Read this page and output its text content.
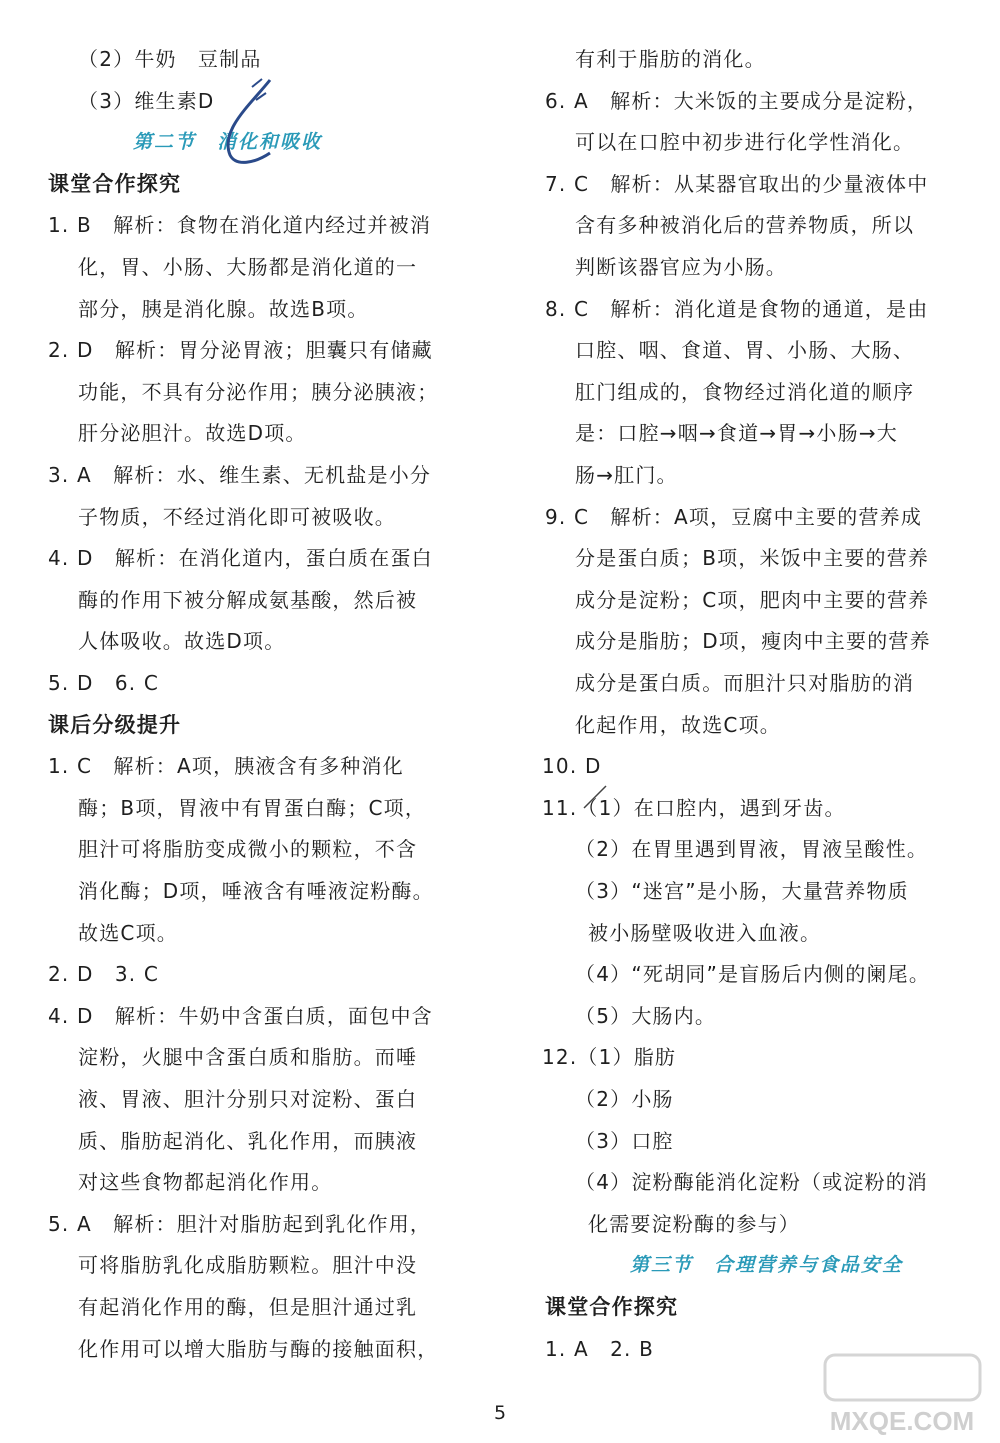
（2）牛奶　豆制品
（3）维生素D
第二节　消化和吸收
课堂合作探究
1. B　解析：食物在消化道内经过并被消
化，胃、小肠、大肠都是消化道的一
部分，胰是消化腺。故选B项。
2. D　解析：胃分泌胃液；胆囊只有储藏
功能，不具有分泌作用；胰分泌胰液；
肝分泌胆汁。故选D项。
3. A　解析：水、维生素、无机盐是小分
子物质，不经过消化即可被吸收。
4. D　解析：在消化道内，蛋白质在蛋白
酶的作用下被分解成氨基酸，然后被
人体吸收。故选D项。
5. D　6. C
课后分级提升
1. C　解析：A项，胰液含有多种消化
酶；B项，胃液中有胃蛋白酶；C项，
胆汁可将脂肪变成微小的颗粒，不含
消化酶；D项，唾液含有唾液淀粉酶。
故选C项。
2. D　3. C
4. D　解析：牛奶中含蛋白质，面包中含
淀粉，火腿中含蛋白质和脂肪。而唾
液、胃液、胆汁分别只对淀粉、蛋白
质、脂肪起消化、乳化作用，而胰液
对这些食物都起消化作用。
5. A　解析：胆汁对脂肪起到乳化作用，
可将脂肪乳化成脂肪颗粒。胆汁中没
有起消化作用的酶，但是胆汁通过乳
化作用可以增大脂肪与酶的接触面积，
有利于脂肪的消化。
6. A　解析：大米饭的主要成分是淀粉，
可以在口腔中初步进行化学性消化。
7. C　解析：从某器官取出的少量液体中
含有多种被消化后的营养物质，所以
判断该器官应为小肠。
8. C　解析：消化道是食物的通道，是由
口腔、咽、食道、胃、小肠、大肠、
肛门组成的，食物经过消化道的顺序
是：口腔→咽→食道→胃→小肠→大
肠→肛门。
9. C　解析：A项，豆腐中主要的营养成
分是蛋白质；B项，米饭中主要的营养
成分是淀粉；C项，肥肉中主要的营养
成分是脂肪；D项，瘦肉中主要的营养
成分是蛋白质。而胆汁只对脂肪的消
化起作用，故选C项。
10. D
11.（1）在口腔内，遇到牙齿。
（2）在胃里遇到胃液，胃液呈酸性。
（3）“迷宫”是小肠，大量营养物质
被小肠壁吸收进入血液。
（4）“死胡同”是盲肠后内侧的阑尾。
（5）大肠内。
12.（1）脂肪
（2）小肠
（3）口腔
（4）淀粉酶能消化淀粉（或淀粉的消
化需要淀粉酶的参与）
第三节　合理营养与食品安全
课堂合作探究
1. A　2. B
5	MXQE.COM
